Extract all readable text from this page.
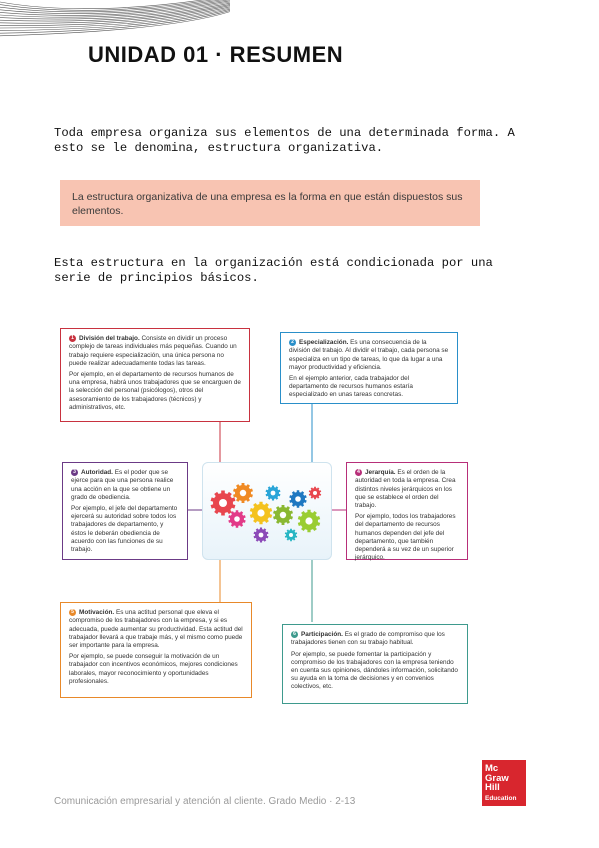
UNIDAD 01 · RESUMEN

Toda empresa organiza sus elementos de una determinada forma. A esto se le denomina, estructura organizativa.

La estructura organizativa de una empresa es la forma en que están dispuestos sus elementos.

Esta estructura en la organización está condicionada por una serie de principios básicos.

1 División del trabajo. Consiste en dividir un proceso complejo de tareas individuales más pequeñas. Cuando un trabajo requiere especialización, una única persona no puede realizar adecuadamente todas las tareas.

Por ejemplo, en el departamento de recursos humanos de una empresa, habrá unos trabajadores que se encarguen de la selección del personal (psicólogos), otros del asesoramiento de los trabajadores (técnicos) y administrativos, etc.

2 Especialización. Es una consecuencia de la división del trabajo. Al dividir el trabajo, cada persona se especializa en un tipo de tareas, lo que da lugar a una mayor productividad y eficiencia.

En el ejemplo anterior, cada trabajador del departamento de recursos humanos estaría especializado en unas tareas concretas.

3 Autoridad. Es el poder que se ejerce para que una persona realice una acción en la que se obtiene un grado de obediencia.

Por ejemplo, el jefe del departamento ejercerá su autoridad sobre todos los trabajadores de departamento, y éstos le deberán obediencia de acuerdo con las funciones de su trabajo.

4 Jerarquía. Es el orden de la autoridad en toda la empresa. Crea distintos niveles jerárquicos en los que se establece el orden del trabajo.

Por ejemplo, todos los trabajadores del departamento de recursos humanos dependen del jefe del departamento, que también dependerá a su vez de un superior jerárquico.

5 Motivación. Es una actitud personal que eleva el compromiso de los trabajadores con la empresa, y si es adecuada, puede aumentar su productividad. Esta actitud del trabajador llevará a que trabaje más, y el mismo como puede ser importante para la empresa.

Por ejemplo, se puede conseguir la motivación de un trabajador con incentivos económicos, mejores condiciones laborales, mayor reconocimiento y oportunidades profesionales.

6 Participación. Es el grado de compromiso que los trabajadores tienen con su trabajo habitual.

Por ejemplo, se puede fomentar la participación y compromiso de los trabajadores con la empresa teniendo en cuenta sus opiniones, dándoles información, solicitando su ayuda en la toma de decisiones y en convenios colectivos, etc.

Comunicación empresarial y atención al cliente. Grado Medio · 2-13
Mc
Graw
Hill
Education
